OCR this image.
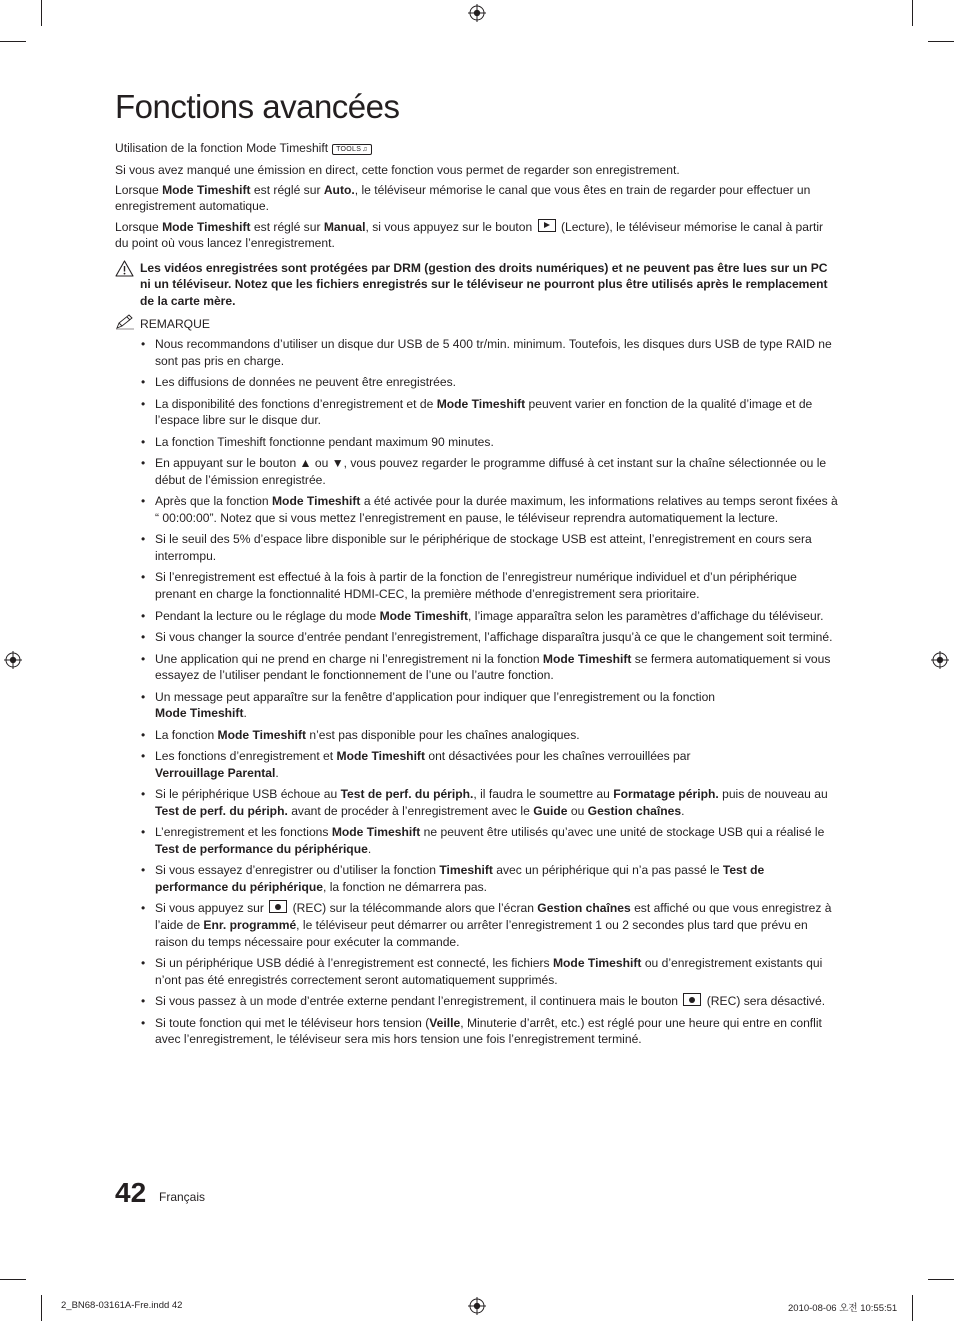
Fonctions avancées
Utilisation de la fonction Mode Timeshift TOOLS♫

Si vous avez manqué une émission en direct, cette fonction vous permet de regarder son enregistrement.

Lorsque Mode Timeshift est réglé sur Auto., le téléviseur mémorise le canal que vous êtes en train de regarder pour effectuer un enregistrement automatique.

Lorsque Mode Timeshift est réglé sur Manual, si vous appuyez sur le bouton
(Lecture), le téléviseur mémorise le canal à partir du point où vous lancez l’enregistrement.

Les vidéos enregistrées sont protégées par DRM (gestion des droits numériques) et ne peuvent pas être lues sur un PC ni un téléviseur. Notez que les fichiers enregistrés sur le téléviseur ne pourront plus être utilisés après le remplacement de la carte mère.
REMARQUE
• Nous recommandons d’utiliser un disque dur USB de 5 400 tr/min. minimum. Toutefois, les disques durs USB de type RAID ne sont pas pris en charge.
• Les diffusions de données ne peuvent être enregistrées.
• La disponibilité des fonctions d’enregistrement et de Mode Timeshift peuvent varier en fonction de la qualité d’image et de l’espace libre sur le disque dur.
• La fonction Timeshift fonctionne pendant maximum 90 minutes.
• En appuyant sur le bouton ▲ ou ▼, vous pouvez regarder le programme diffusé à cet instant sur la chaîne sélectionnée ou le début de l’émission enregistrée.
• Après que la fonction Mode Timeshift a été activée pour la durée maximum, les informations relatives au temps seront fixées à “ 00:00:00”. Notez que si vous mettez l’enregistrement en pause, le téléviseur reprendra automatiquement la lecture.
• Si le seuil des 5% d’espace libre disponible sur le périphérique de stockage USB est atteint, l’enregistrement en cours sera interrompu.
• Si l’enregistrement est effectué à la fois à partir de la fonction de l’enregistreur numérique individuel et d’un périphérique prenant en charge la fonctionnalité HDMI-CEC, la première méthode d’enregistrement sera prioritaire.
• Pendant la lecture ou le réglage du mode Mode Timeshift, l’image apparaîtra selon les paramètres d’affichage du téléviseur.
• Si vous changer la source d’entrée pendant l’enregistrement, l’affichage disparaîtra jusqu’à ce que le changement soit terminé.
• Une application qui ne prend en charge ni l’enregistrement ni la fonction Mode Timeshift se fermera automatiquement si vous essayez de l’utiliser pendant le fonctionnement de l’une ou l’autre fonction.
• Un message peut apparaître sur la fenêtre d’application pour indiquer que l’enregistrement ou la fonction
Mode Timeshift.
• La fonction Mode Timeshift n’est pas disponible pour les chaînes analogiques.
• Les fonctions d’enregistrement et Mode Timeshift ont désactivées pour les chaînes verrouillées par
Verrouillage Parental.
• Si le périphérique USB échoue au Test de perf. du périph., il faudra le soumettre au Formatage périph. puis de nouveau au Test de perf. du périph. avant de procéder à l’enregistrement avec le Guide ou Gestion chaînes.
• L’enregistrement et les fonctions Mode Timeshift ne peuvent être utilisés qu’avec une unité de stockage USB qui a réalisé le Test de performance du périphérique.
• Si vous essayez d’enregistrer ou d’utiliser la fonction Timeshift avec un périphérique qui n’a pas passé le Test de performance du périphérique, la fonction ne démarrera pas.
• Si vous appuyez sur
(REC) sur la télécommande alors que l’écran Gestion chaînes est affiché ou que vous enregistrez à l’aide de Enr. programmé, le téléviseur peut démarrer ou arrêter l’enregistrement 1 ou 2 secondes plus tard que prévu en raison du temps nécessaire pour exécuter la commande.
• Si un périphérique USB dédié à l’enregistrement est connecté, les fichiers Mode Timeshift ou d’enregistrement existants qui n’ont pas été enregistrés correctement seront automatiquement supprimés.
• Si vous passez à un mode d’entrée externe pendant l’enregistrement, il continuera mais le bouton
(REC) sera désactivé.
• Si toute fonction qui met le téléviseur hors tension (Veille, Minuterie d’arrêt, etc.) est réglé pour une heure qui entre en conflit avec l’enregistrement, le téléviseur sera mis hors tension une fois l’enregistrement terminé.
42 Français
2_BN68-03161A-Fre.indd 42	2010-08-06 오전 10:55:51
